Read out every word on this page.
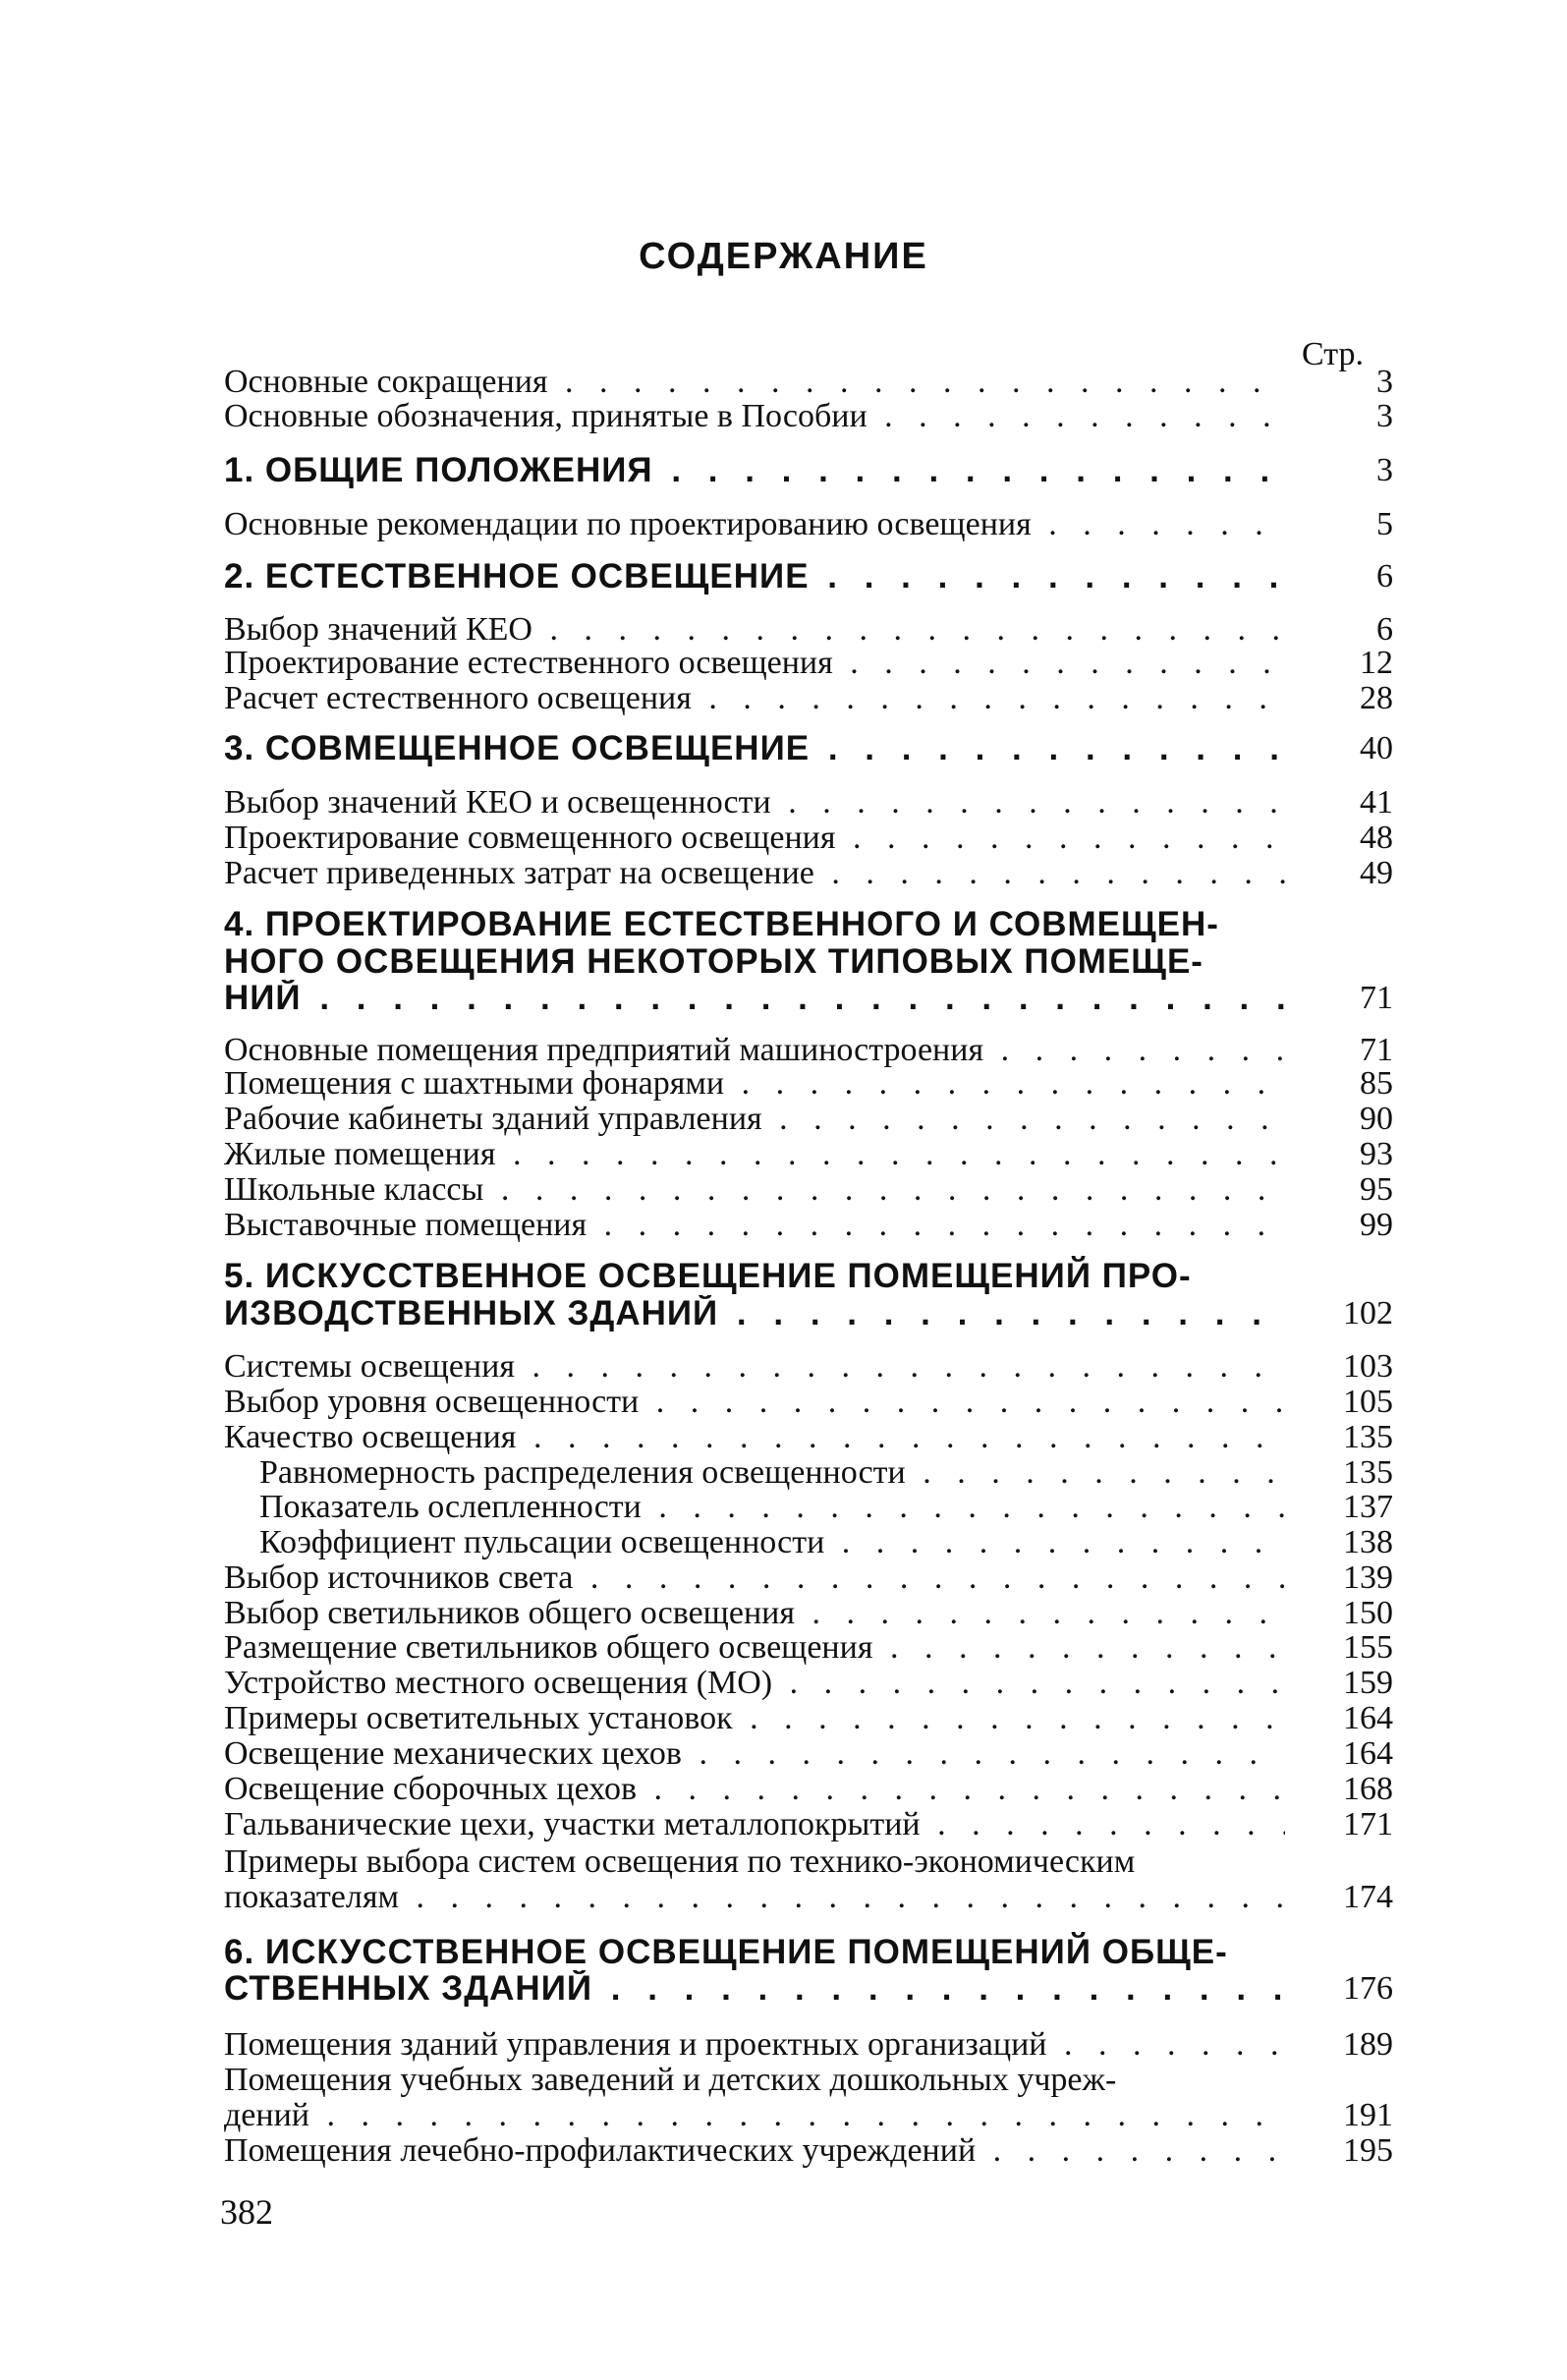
СОДЕРЖАНИЕ
Стр.
Основные сокращения . . .	3
Основные обозначения, принятые в Пособии . . .	3
1. ОБЩИЕ ПОЛОЖЕНИЯ . . .	3
Основные рекомендации по проектированию освещения . . .	5
2. ЕСТЕСТВЕННОЕ ОСВЕЩЕНИЕ . . .	6
Выбор значений КЕО . . .	6
Проектирование естественного освещения . . .	12
Расчет естественного освещения . . .	28
3. СОВМЕЩЕННОЕ ОСВЕЩЕНИЕ . . .	40
Выбор значений КЕО и освещенности . . .	41
Проектирование совмещенного освещения . . .	48
Расчет приведенных затрат на освещение . . .	49
4. ПРОЕКТИРОВАНИЕ ЕСТЕСТВЕННОГО И СОВМЕЩЕН-
НОГО ОСВЕЩЕНИЯ НЕКОТОРЫХ ТИПОВЫХ ПОМЕЩЕ-
НИЙ . . .	71
Основные помещения предприятий машиностроения . . .	71
Помещения с шахтными фонарями . . .	85
Рабочие кабинеты зданий управления . . .	90
Жилые помещения . . .	93
Школьные классы . . .	95
Выставочные помещения . . .	99
5. ИСКУССТВЕННОЕ ОСВЕЩЕНИЕ ПОМЕЩЕНИЙ ПРО-
ИЗВОДСТВЕННЫХ ЗДАНИЙ . . .	102
Системы освещения . . .	103
Выбор уровня освещенности . . .	105
Качество освещения . . .	135
Равномерность распределения освещенности . . .	135
Показатель ослепленности . . .	137
Коэффициент пульсации освещенности . . .	138
Выбор источников света . . .	139
Выбор светильников общего освещения . . .	150
Размещение светильников общего освещения . . .	155
Устройство местного освещения (МО) . . .	159
Примеры осветительных установок . . .	164
Освещение механических цехов . . .	164
Освещение сборочных цехов . . .	168
Гальванические цехи, участки металлопокрытий . . .	171
Примеры выбора систем освещения по технико-экономическим
показателям . . .	174
6. ИСКУССТВЕННОЕ ОСВЕЩЕНИЕ ПОМЕЩЕНИЙ ОБЩЕ-
СТВЕННЫХ ЗДАНИЙ . . .	176
Помещения зданий управления и проектных организаций . . .	189
Помещения учебных заведений и детских дошкольных учреж-
дений . . .	191
Помещения лечебно-профилактических учреждений . . .	195
382
